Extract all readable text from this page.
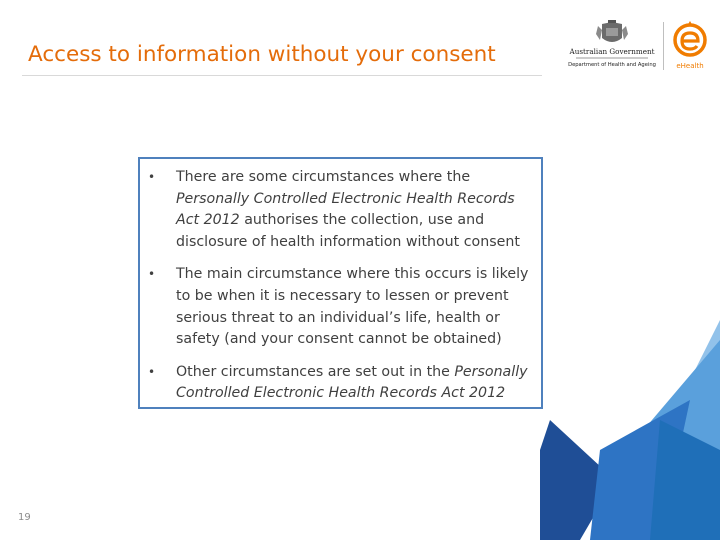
Access to information without your consent	Australian Government
Department of Health and Ageing	eHealth
• There are some circumstances where the Personally Controlled Electronic Health Records Act 2012 authorises the collection, use and disclosure of health information without consent
• The main circumstance where this occurs is likely to be when it is necessary to lessen or prevent serious threat to an individual’s life, health or safety (and your consent cannot be obtained)
• Other circumstances are set out in the Personally Controlled Electronic Health Records Act 2012
19
